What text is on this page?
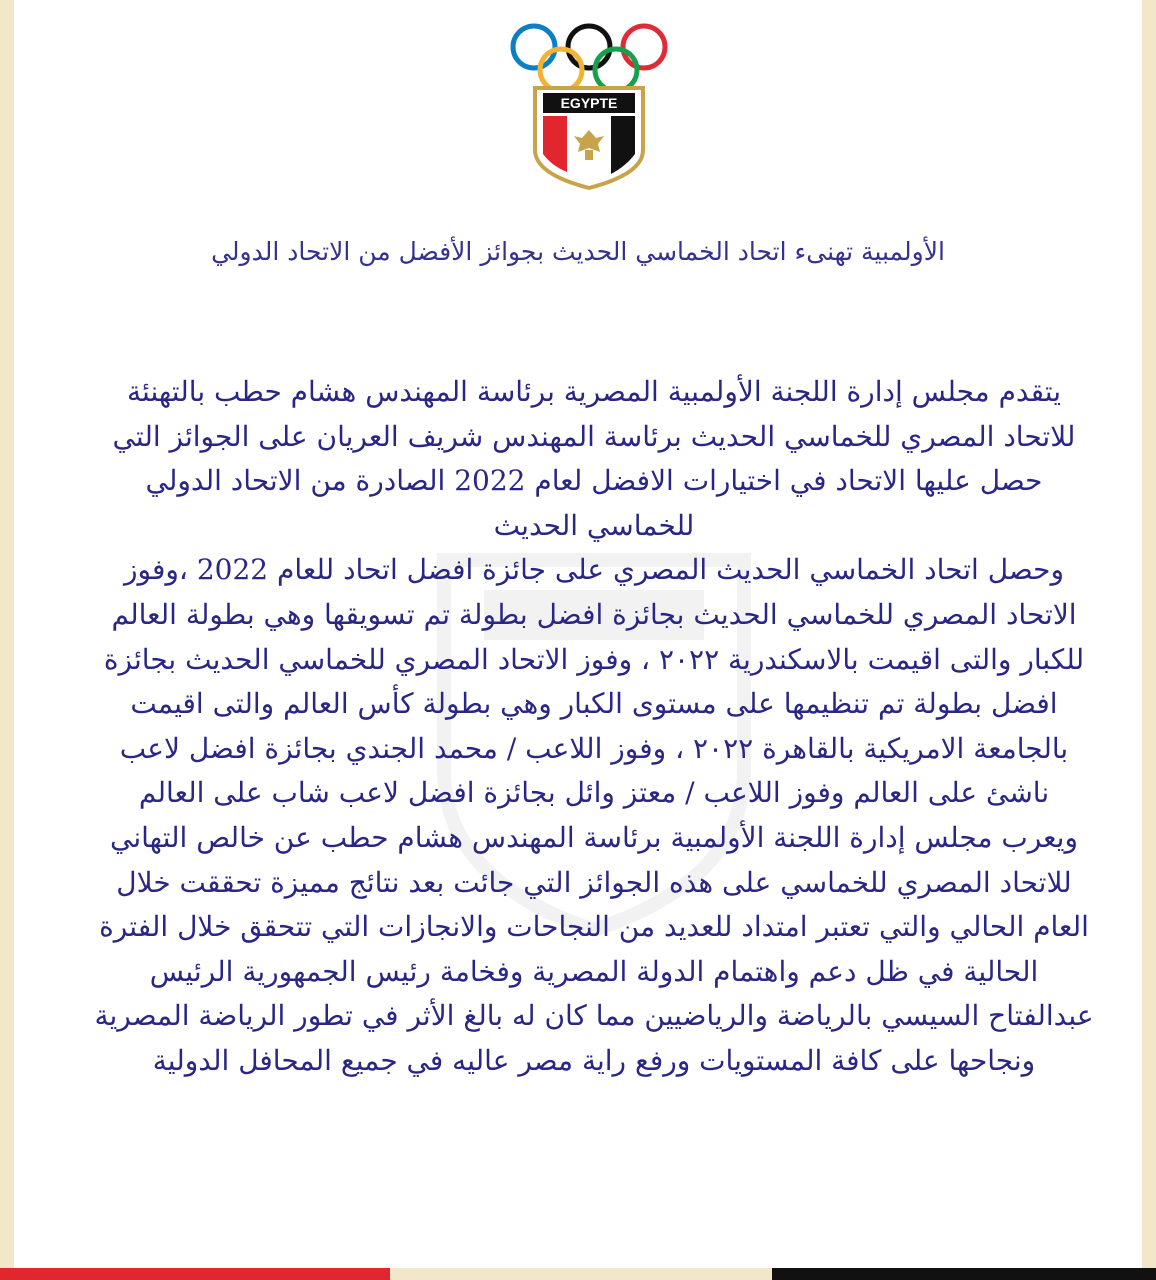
EGYPTE
الأولمبية تهنىء اتحاد الخماسي الحديث بجوائز الأفضل من الاتحاد الدولي
يتقدم مجلس إدارة اللجنة الأولمبية المصرية برئاسة المهندس هشام حطب بالتهنئة للاتحاد المصري للخماسي الحديث برئاسة المهندس شريف العريان على الجوائز التي حصل عليها الاتحاد في اختيارات الافضل لعام 2022 الصادرة من الاتحاد الدولي للخماسي الحديث
وحصل اتحاد الخماسي الحديث المصري على جائزة افضل اتحاد للعام 2022 ،وفوز الاتحاد المصري للخماسي الحديث بجائزة افضل بطولة تم تسويقها وهي بطولة العالم للكبار والتى اقيمت بالاسكندرية ٢٠٢٢ ، وفوز الاتحاد المصري للخماسي الحديث بجائزة افضل بطولة تم تنظيمها على مستوى الكبار وهي بطولة كأس العالم والتى اقيمت بالجامعة الامريكية بالقاهرة ٢٠٢٢ ، وفوز اللاعب / محمد الجندي بجائزة افضل لاعب ناشئ على العالم وفوز اللاعب / معتز وائل بجائزة افضل لاعب شاب على العالم
ويعرب مجلس إدارة اللجنة الأولمبية برئاسة المهندس هشام حطب عن خالص التهاني للاتحاد المصري للخماسي على هذه الجوائز التي جائت بعد نتائج مميزة تحققت خلال العام الحالي والتي تعتبر امتداد للعديد من النجاحات والانجازات التي تتحقق خلال الفترة الحالية في ظل دعم واهتمام الدولة المصرية وفخامة رئيس الجمهورية الرئيس عبدالفتاح السيسي بالرياضة والرياضيين مما كان له بالغ الأثر في تطور الرياضة المصرية ونجاحها على كافة المستويات ورفع راية مصر عاليه في جميع المحافل الدولية
